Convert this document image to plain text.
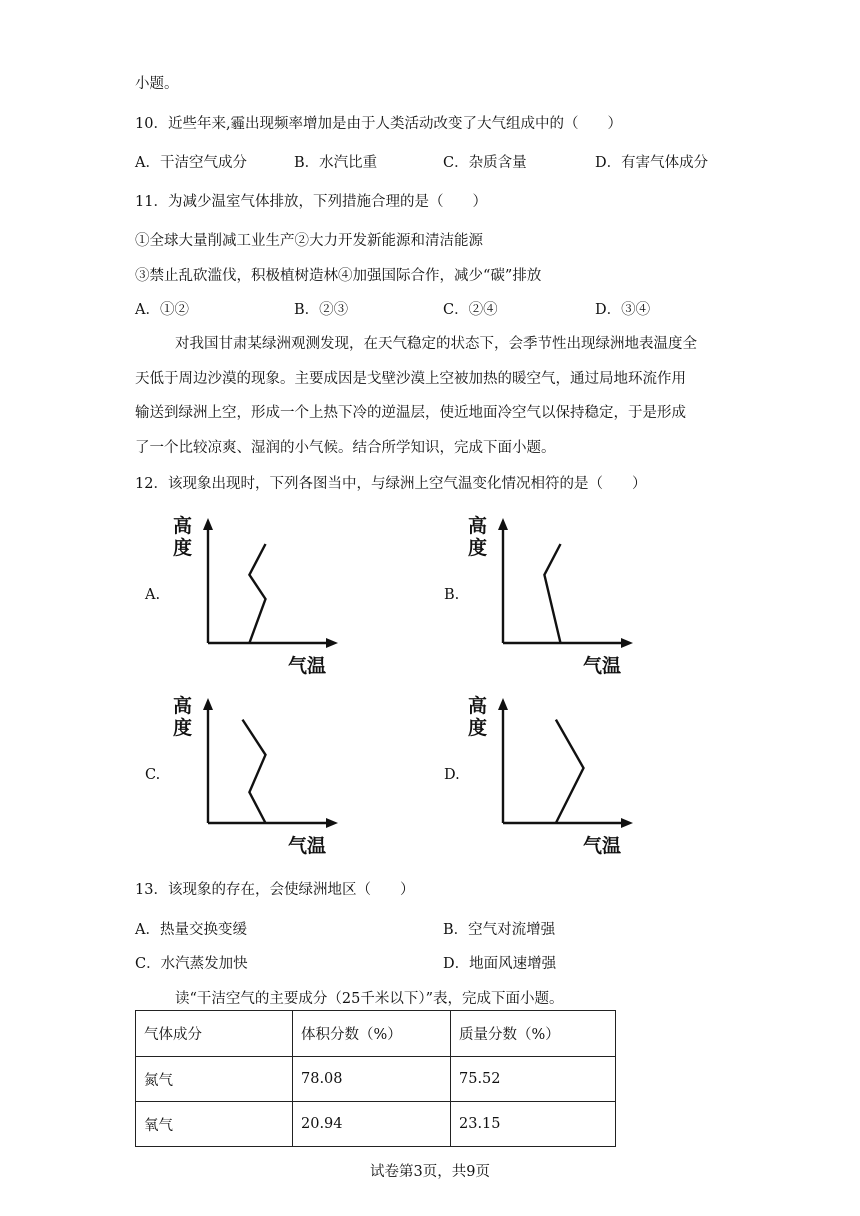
小题。
10．近些年来,霾出现频率增加是由于人类活动改变了大气组成中的（　　）
A．干洁空气成分	B．水汽比重	C．杂质含量	D．有害气体成分
11．为减少温室气体排放，下列措施合理的是（　　）
①全球大量削减工业生产②大力开发新能源和清洁能源
③禁止乱砍滥伐，积极植树造林④加强国际合作，减少“碳”排放
A．①②	B．②③	C．②④	D．③④
对我国甘肃某绿洲观测发现，在天气稳定的状态下，会季节性出现绿洲地表温度全
天低于周边沙漠的现象。主要成因是戈壁沙漠上空被加热的暖空气，通过局地环流作用
输送到绿洲上空，形成一个上热下冷的逆温层，使近地面冷空气以保持稳定，于是形成
了一个比较凉爽、湿润的小气候。结合所学知识，完成下面小题。
12．该现象出现时，下列各图当中，与绿洲上空气温变化情况相符的是（　　）
A.
高
度
气温
B.
高
度
气温
C.
高
度
气温
D.
高
度
气温
13．该现象的存在，会使绿洲地区（　　）
A．热量交换变缓	B．空气对流增强
C．水汽蒸发加快	D．地面风速增强
读“干洁空气的主要成分（25千米以下）”表，完成下面小题。
气体成分	体积分数（%）	质量分数（%）
氮气	78.08	75.52
氧气	20.94	23.15
试卷第3页，共9页
